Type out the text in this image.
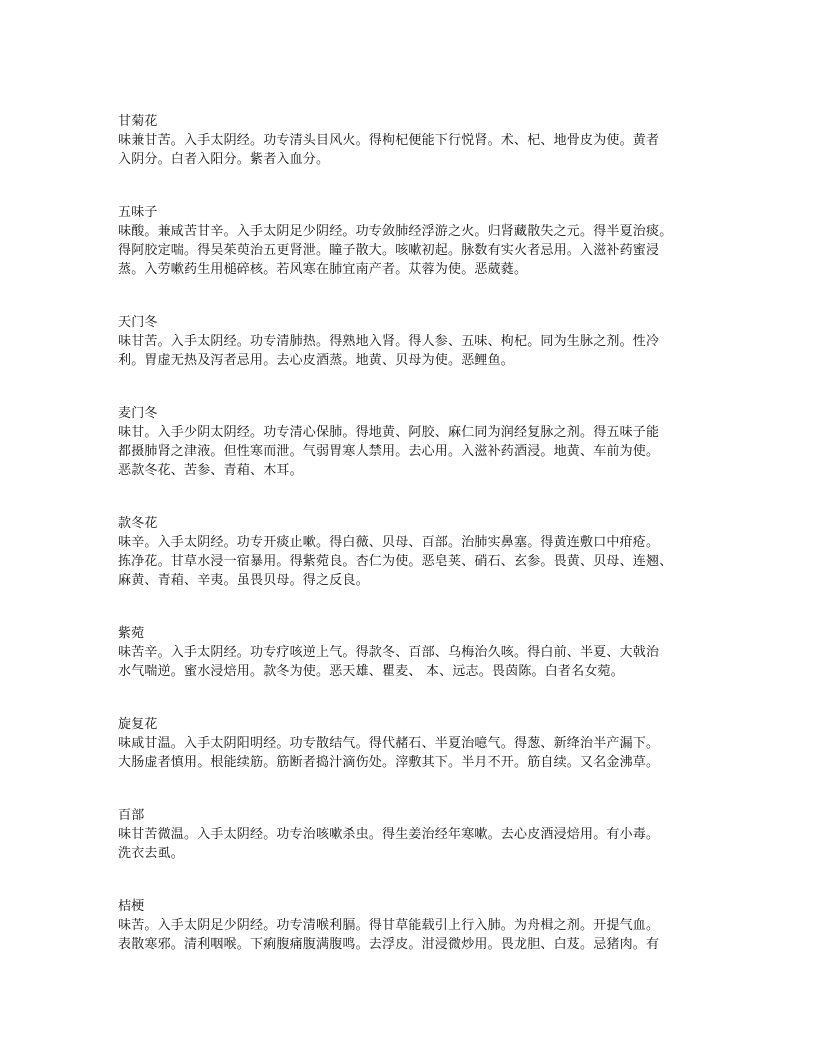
甘菊花
味兼甘苦。入手太阴经。功专清头目风火。得枸杞便能下行悦肾。术、杞、地骨皮为使。黄者
入阴分。白者入阳分。紫者入血分。
五味子
味酸。兼咸苦甘辛。入手太阴足少阴经。功专敛肺经浮游之火。归肾藏散失之元。得半夏治痰。
得阿胶定喘。得吴茱萸治五更肾泄。瞳子散大。咳嗽初起。脉数有实火者忌用。入滋补药蜜浸
蒸。入劳嗽药生用槌碎核。若风寒在肺宜南产者。苁蓉为使。恶葳蕤。
天门冬
味甘苦。入手太阴经。功专清肺热。得熟地入肾。得人参、五味、枸杞。同为生脉之剂。性冷
利。胃虚无热及泻者忌用。去心皮酒蒸。地黄、贝母为使。恶鲤鱼。
麦门冬
味甘。入手少阴太阴经。功专清心保肺。得地黄、阿胶、麻仁同为润经复脉之剂。得五味子能
都摄肺肾之津液。但性寒而泄。气弱胃寒人禁用。去心用。入滋补药酒浸。地黄、车前为使。
恶款冬花、苦参、青葙、木耳。
款冬花
味辛。入手太阴经。功专开痰止嗽。得白薇、贝母、百部。治肺实鼻塞。得黄连敷口中疳疮。
拣净花。甘草水浸一宿暴用。得紫菀良。杏仁为使。恶皂荚、硝石、玄参。畏黄、贝母、连翘、
麻黄、青葙、辛夷。虽畏贝母。得之反良。
紫菀
味苦辛。入手太阴经。功专疗咳逆上气。得款冬、百部、乌梅治久咳。得白前、半夏、大戟治
水气喘逆。蜜水浸焙用。款冬为使。恶天雄、瞿麦、 本、远志。畏茵陈。白者名女菀。
旋复花
味咸甘温。入手太阴阳明经。功专散结气。得代赭石、半夏治噫气。得葱、新绛治半产漏下。
大肠虚者慎用。根能续筋。筋断者捣汁滴伤处。滓敷其下。半月不开。筋自续。又名金沸草。
百部
味甘苦微温。入手太阴经。功专治咳嗽杀虫。得生姜治经年寒嗽。去心皮酒浸焙用。有小毒。
洗衣去虱。
桔梗
味苦。入手太阴足少阴经。功专清喉利膈。得甘草能载引上行入肺。为舟楫之剂。开提气血。
表散寒邪。清利咽喉。下痢腹痛腹满腹鸣。去浮皮。泔浸微炒用。畏龙胆、白芨。忌猪肉。有
